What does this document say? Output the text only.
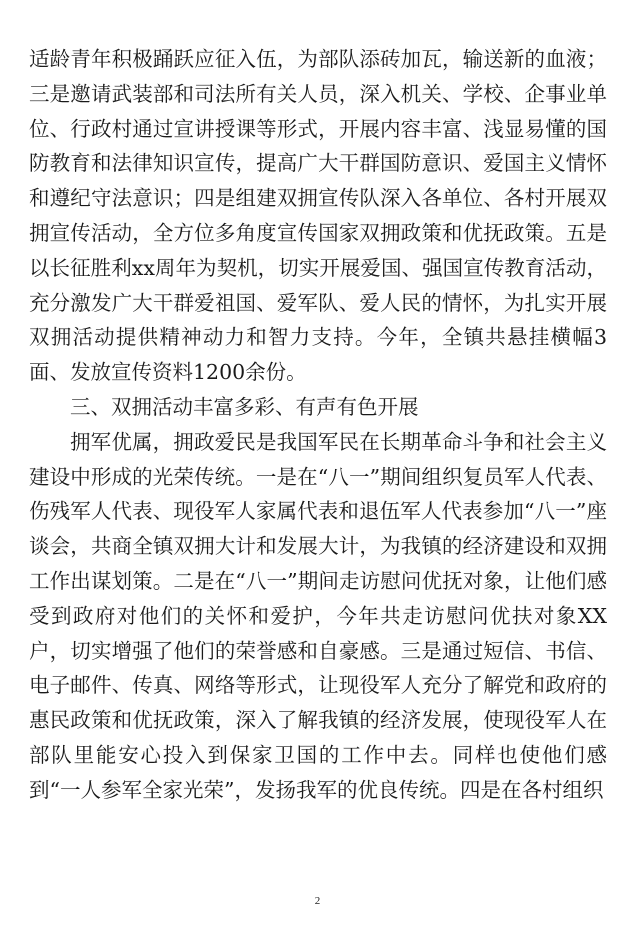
适龄青年积极踊跃应征入伍，为部队添砖加瓦，输送新的血液；三是邀请武装部和司法所有关人员，深入机关、学校、企事业单位、行政村通过宣讲授课等形式，开展内容丰富、浅显易懂的国防教育和法律知识宣传，提高广大干群国防意识、爱国主义情怀和遵纪守法意识；四是组建双拥宣传队深入各单位、各村开展双拥宣传活动，全方位多角度宣传国家双拥政策和优抚政策。五是以长征胜利xx周年为契机，切实开展爱国、强国宣传教育活动，充分激发广大干群爱祖国、爱军队、爱人民的情怀，为扎实开展双拥活动提供精神动力和智力支持。今年，全镇共悬挂横幅3面、发放宣传资料1200余份。

三、双拥活动丰富多彩、有声有色开展

拥军优属，拥政爱民是我国军民在长期革命斗争和社会主义建设中形成的光荣传统。一是在“八一”期间组织复员军人代表、伤残军人代表、现役军人家属代表和退伍军人代表参加“八一”座谈会，共商全镇双拥大计和发展大计，为我镇的经济建设和双拥工作出谋划策。二是在“八一”期间走访慰问优抚对象，让他们感受到政府对他们的关怀和爱护，今年共走访慰问优扶对象XX户，切实增强了他们的荣誉感和自豪感。三是通过短信、书信、电子邮件、传真、网络等形式，让现役军人充分了解党和政府的惠民政策和优抚政策，深入了解我镇的经济发展，使现役军人在部队里能安心投入到保家卫国的工作中去。同样也使他们感到“一人参军全家光荣”，发扬我军的优良传统。四是在各村组织

2
